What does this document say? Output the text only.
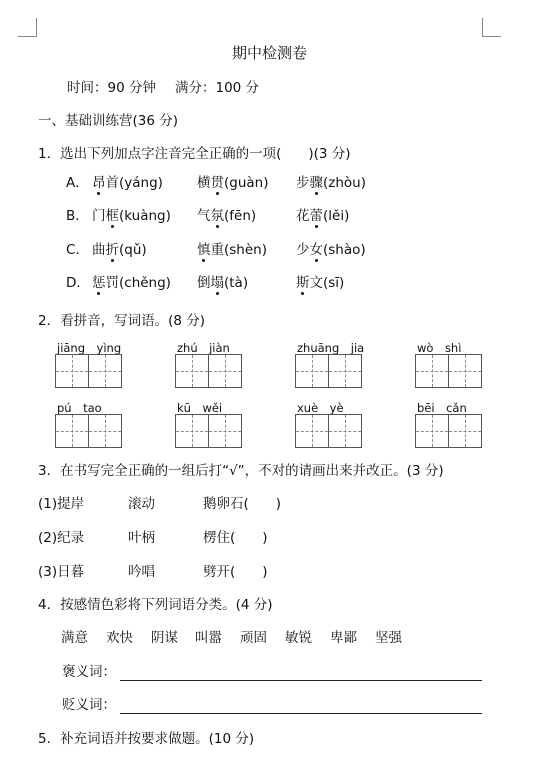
期中检测卷
时间：90 分钟 满分：100 分
一、基础训练营(36 分)
1．选出下列加点字注音完全正确的一项(　　)(3 分)
A． 昂首(yáng)	横贯(guàn) 步骤(zhòu)
B． 门框(kuàng) 气氛(fēn)	花蕾(lěi)
C． 曲折(qǔ)	慎重(shèn) 少女(shào)
D． 惩罚(chěng) 倒塌(tà)	斯文(sī)
2．看拼音，写词语。(8 分)
jiāng　yìng	zhú　jiàn	zhuāng　jia	wò　shì
pú　tao	kū　wěi	xuè　yè	bēi　cǎn
3．在书写完全正确的一组后打“√”，不对的请画出来并改正。(3 分)
(1)提岸	滚动	鹅卵石(　　)
(2)纪录	叶柄	楞住(　　)
(3)日暮	吟唱	劈开(　　)
4．按感情色彩将下列词语分类。(4 分)
满意 欢快 阴谋 叫嚣 顽固 敏锐 卑鄙 坚强
褒义词：
贬义词：
5．补充词语并按要求做题。(10 分)
